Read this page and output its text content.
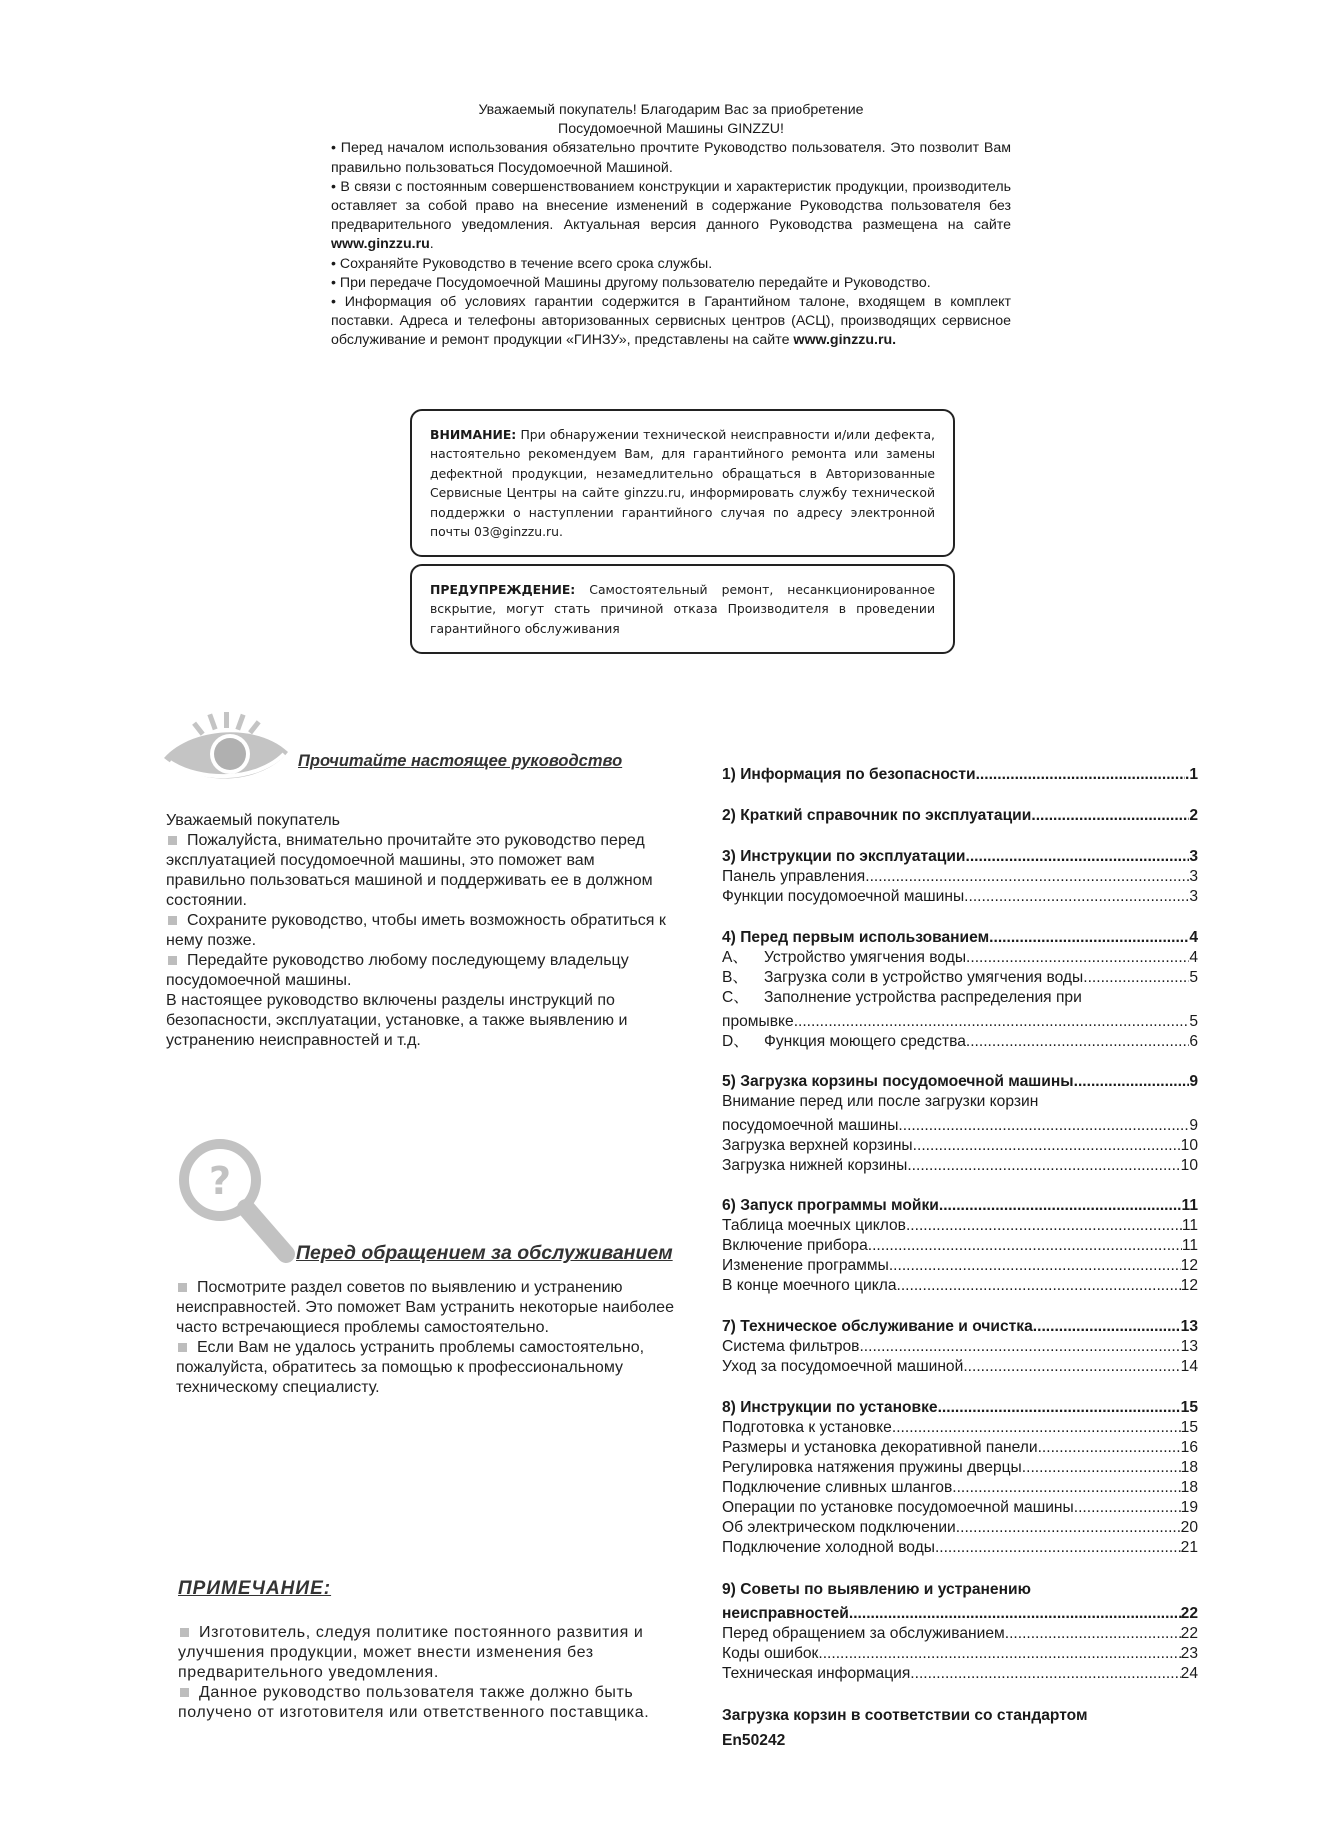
Уважаемый покупатель! Благодарим Вас за приобретение
Посудомоечной Машины GINZZU!
• Перед началом использования обязательно прочтите Руководство пользователя. Это позволит Вам правильно пользоваться Посудомоечной Машиной.
• В связи с постоянным совершенствованием конструкции и характеристик продукции, производитель оставляет за собой право на внесение изменений в содержание Руководства пользователя без предварительного уведомления. Актуальная версия данного Руководства размещена на сайте www.ginzzu.ru.
• Сохраняйте Руководство в течение всего срока службы.
• При передаче Посудомоечной Машины другому пользователю передайте и Руководство.
• Информация об условиях гарантии содержится в Гарантийном талоне, входящем в комплект поставки. Адреса и телефоны авторизованных сервисных центров (АСЦ), производящих сервисное обслуживание и ремонт продукции «ГИНЗУ», представлены на сайте www.ginzzu.ru.
ВНИМАНИЕ: При обнаружении технической неисправности и/или дефекта, настоятельно рекомендуем Вам, для гарантийного ремонта или замены дефектной продукции, незамедлительно обращаться в Авторизованные Сервисные Центры на сайте ginzzu.ru, информировать службу технической поддержки о наступлении гарантийного случая по адресу электронной почты 03@ginzzu.ru.
ПРЕДУПРЕЖДЕНИЕ: Самостоятельный ремонт, несанкционированное вскрытие, могут стать причиной отказа Производителя в проведении гарантийного обслуживания
Прочитайте настоящее руководство
Уважаемый покупатель
Пожалуйста, внимательно прочитайте это руководство перед эксплуатацией посудомоечной машины, это поможет вам правильно пользоваться машиной и поддерживать ее в должном состоянии.
Сохраните руководство, чтобы иметь возможность обратиться к нему позже.
Передайте руководство любому последующему владельцу посудомоечной машины.
В настоящее руководство включены разделы инструкций по безопасности, эксплуатации, установке, а также выявлению и устранению неисправностей и т.д.
?
Перед обращением за обслуживанием
Посмотрите раздел советов по выявлению и устранению неисправностей. Это поможет Вам устранить некоторые наиболее часто встречающиеся проблемы самостоятельно.
Если Вам не удалось устранить проблемы самостоятельно, пожалуйста, обратитесь за помощью к профессиональному техническому специалисту.
ПРИМЕЧАНИЕ:
Изготовитель, следуя политике постоянного развития и улучшения продукции, может внести изменения без предварительного уведомления.
Данное руководство пользователя также должно быть получено от изготовителя или ответственного поставщика.
1) Информация по безопасности .....	.1
2) Краткий справочник по эксплуатации .....	2
3) Инструкции по эксплуатации .....	3
Панель управления .....	3
Функции посудомоечной машины .....	3
4) Перед первым использованием .....	4
A、 Устройство умягчения воды .....	4
B、 Загрузка соли в устройство умягчения воды .....	5
C、 Заполнение устройства распределения при
промывке .....	5
D、 Функция моющего средства .....	6
5) Загрузка корзины посудомоечной машины .....	9
Внимание перед или после загрузки корзин
посудомоечной машины .....	9
Загрузка верхней корзины .....	10
Загрузка нижней корзины .....	10
6) Запуск программы мойки .....	11
Таблица моечных циклов .....	11
Включение прибора .....	11
Изменение программы .....	12
В конце моечного цикла .....	12
7) Техническое обслуживание и очистка .....	13
Система фильтров .....	13
Уход за посудомоечной машиной .....	14
8) Инструкции по установке .....	15
Подготовка к установке .....	15
Размеры и установка декоративной панели .....	16
Регулировка натяжения пружины дверцы .....	18
Подключение сливных шлангов .....	18
Операции по установке посудомоечной машины .....	19
Об электрическом подключении .....	20
Подключение холодной воды .....	21
9) Советы по выявлению и устранению
неисправностей .....	22
Перед обращением за обслуживанием .....	22
Коды ошибок .....	23
Техническая информация .....	24
Загрузка корзин в соответствии со стандартом
En50242
